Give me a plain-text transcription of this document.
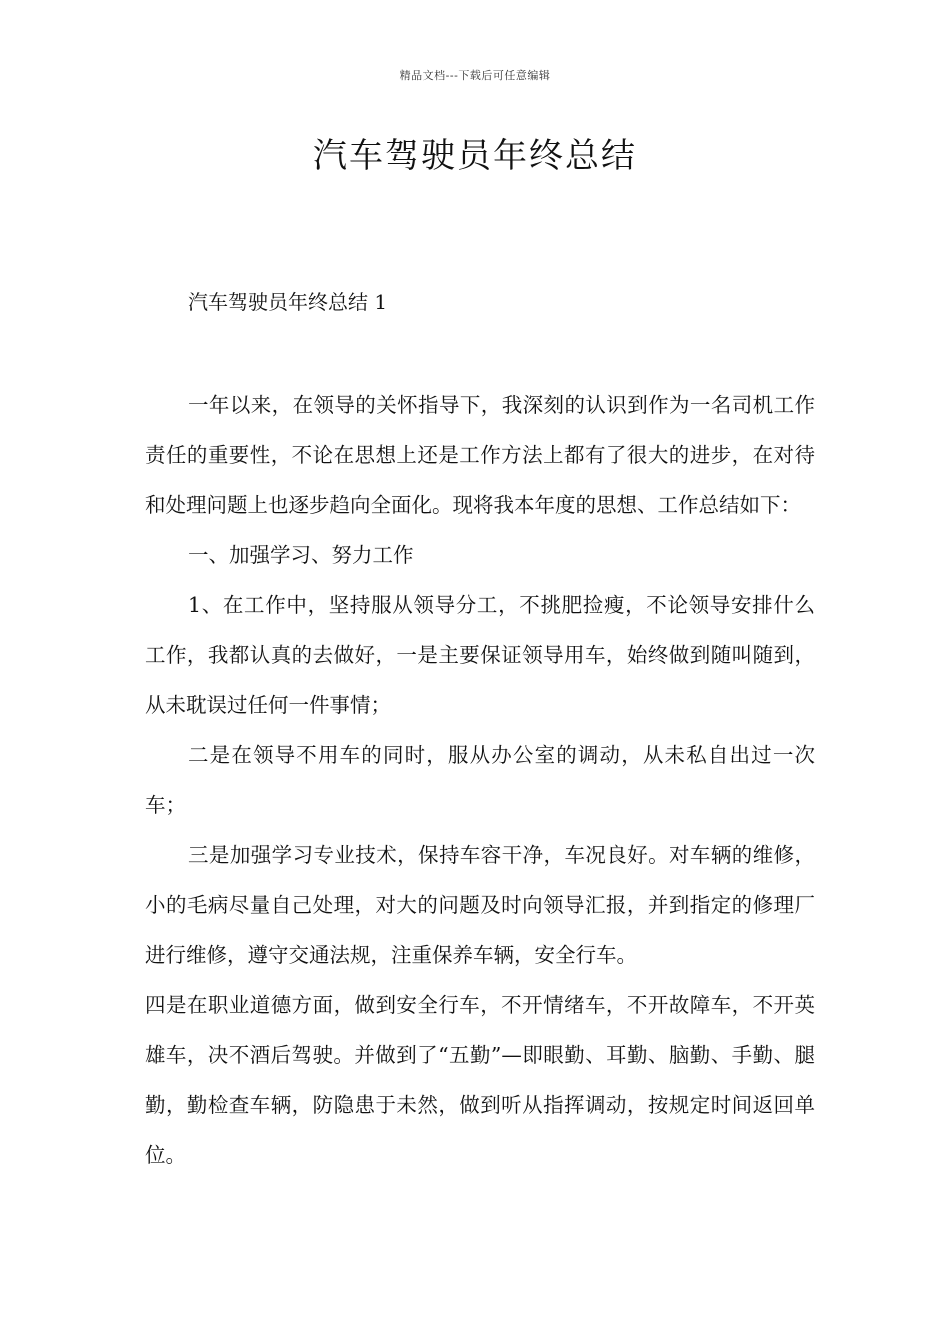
精品文档---下载后可任意编辑
汽车驾驶员年终总结
汽车驾驶员年终总结 1

一年以来，在领导的关怀指导下，我深刻的认识到作为一名司机工作责任的重要性，不论在思想上还是工作方法上都有了很大的进步，在对待和处理问题上也逐步趋向全面化。现将我本年度的思想、工作总结如下：

一、加强学习、努力工作

1、在工作中，坚持服从领导分工，不挑肥捡瘦，不论领导安排什么工作，我都认真的去做好，一是主要保证领导用车，始终做到随叫随到，从未耽误过任何一件事情；

二是在领导不用车的同时，服从办公室的调动，从未私自出过一次车；

三是加强学习专业技术，保持车容干净，车况良好。对车辆的维修，小的毛病尽量自己处理，对大的问题及时向领导汇报，并到指定的修理厂进行维修，遵守交通法规，注重保养车辆，安全行车。

四是在职业道德方面，做到安全行车，不开情绪车，不开故障车，不开英雄车，决不酒后驾驶。并做到了“五勤”—即眼勤、耳勤、脑勤、手勤、腿勤，勤检查车辆，防隐患于未然，做到听从指挥调动，按规定时间返回单位。
